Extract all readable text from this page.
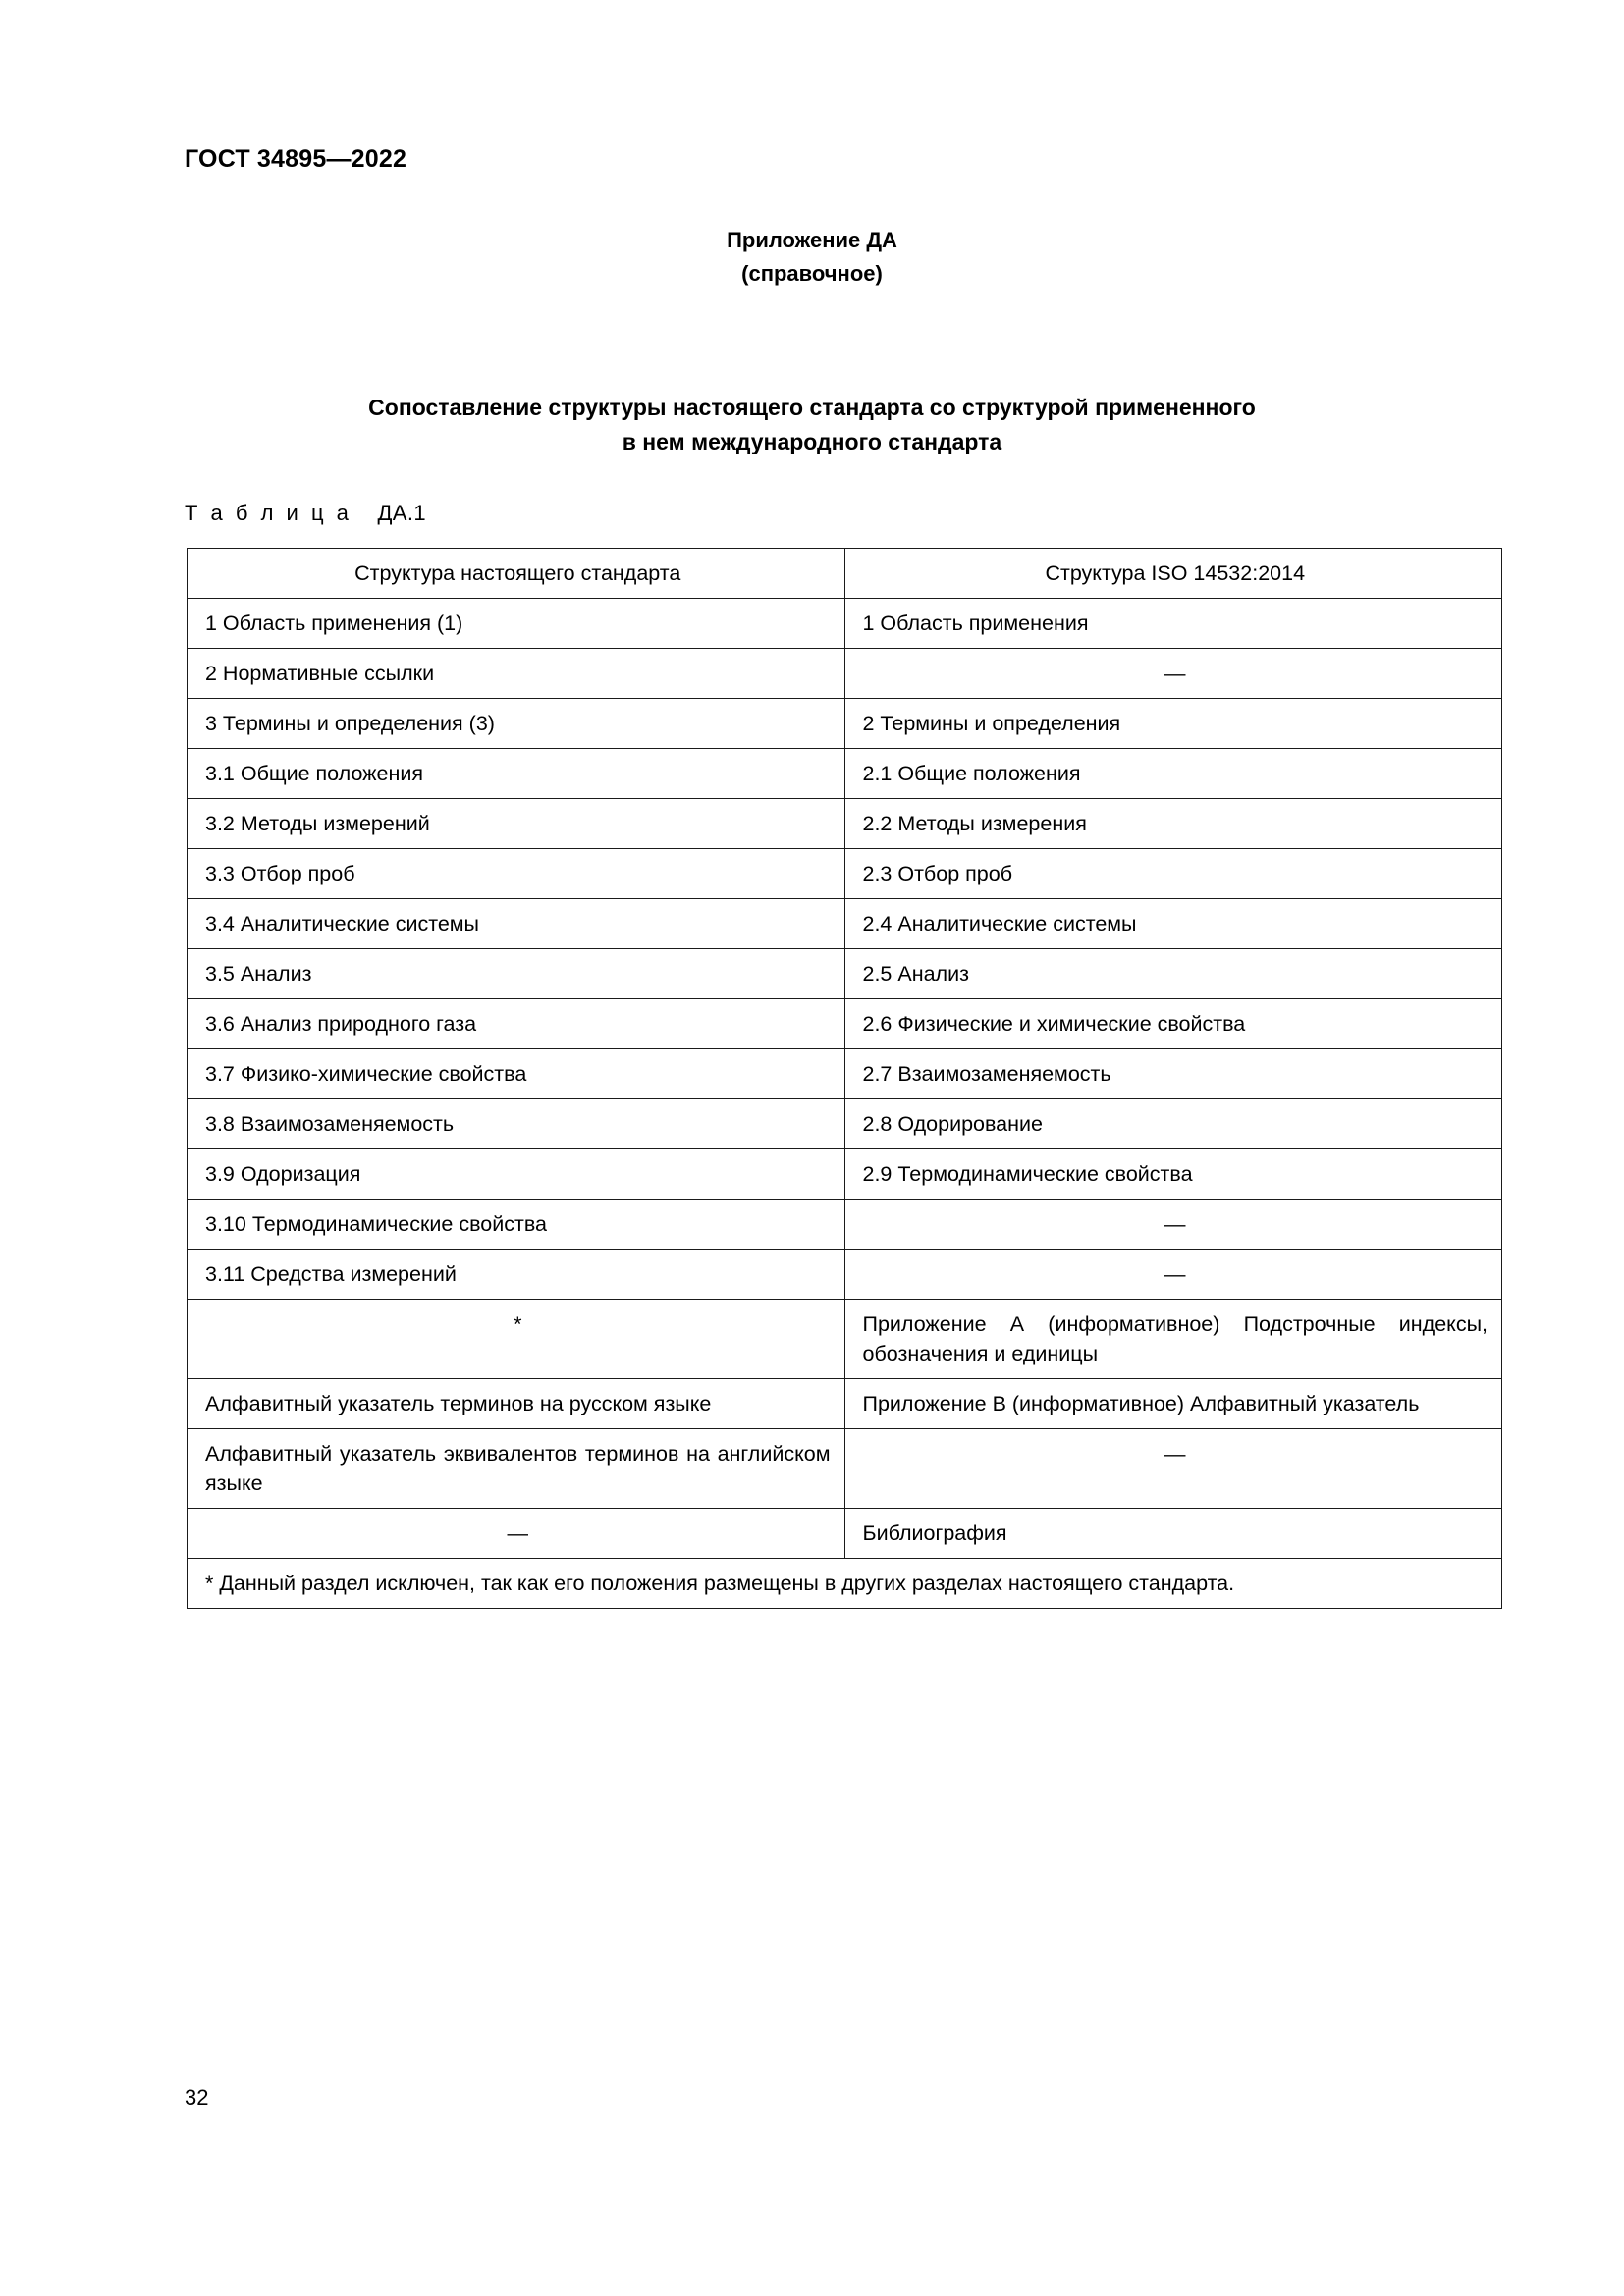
ГОСТ 34895—2022
Приложение ДА
(справочное)
Сопоставление структуры настоящего стандарта со структурой примененного
в нем международного стандарта
Т а б л и ц а ДА.1
Структура настоящего стандарта	Структура ISO 14532:2014
1 Область применения (1)	1 Область применения
2 Нормативные ссылки	—
3 Термины и определения (3)	2 Термины и определения
3.1 Общие положения	2.1 Общие положения
3.2 Методы измерений	2.2 Методы измерения
3.3 Отбор проб	2.3 Отбор проб
3.4 Аналитические системы	2.4 Аналитические системы
3.5 Анализ	2.5 Анализ
3.6 Анализ природного газа	2.6 Физические и химические свойства
3.7 Физико-химические свойства	2.7 Взаимозаменяемость
3.8 Взаимозаменяемость	2.8 Одорирование
3.9 Одоризация	2.9 Термодинамические свойства
3.10 Термодинамические свойства	—
3.11 Средства измерений	—
*	Приложение А (информативное) Подстрочные индексы, обозначения и единицы
Алфавитный указатель терминов на русском языке	Приложение В (информативное) Алфавитный указатель
Алфавитный указатель эквивалентов терминов на английском языке	—
—	Библиография
* Данный раздел исключен, так как его положения размещены в других разделах настоящего стандарта.	
32
